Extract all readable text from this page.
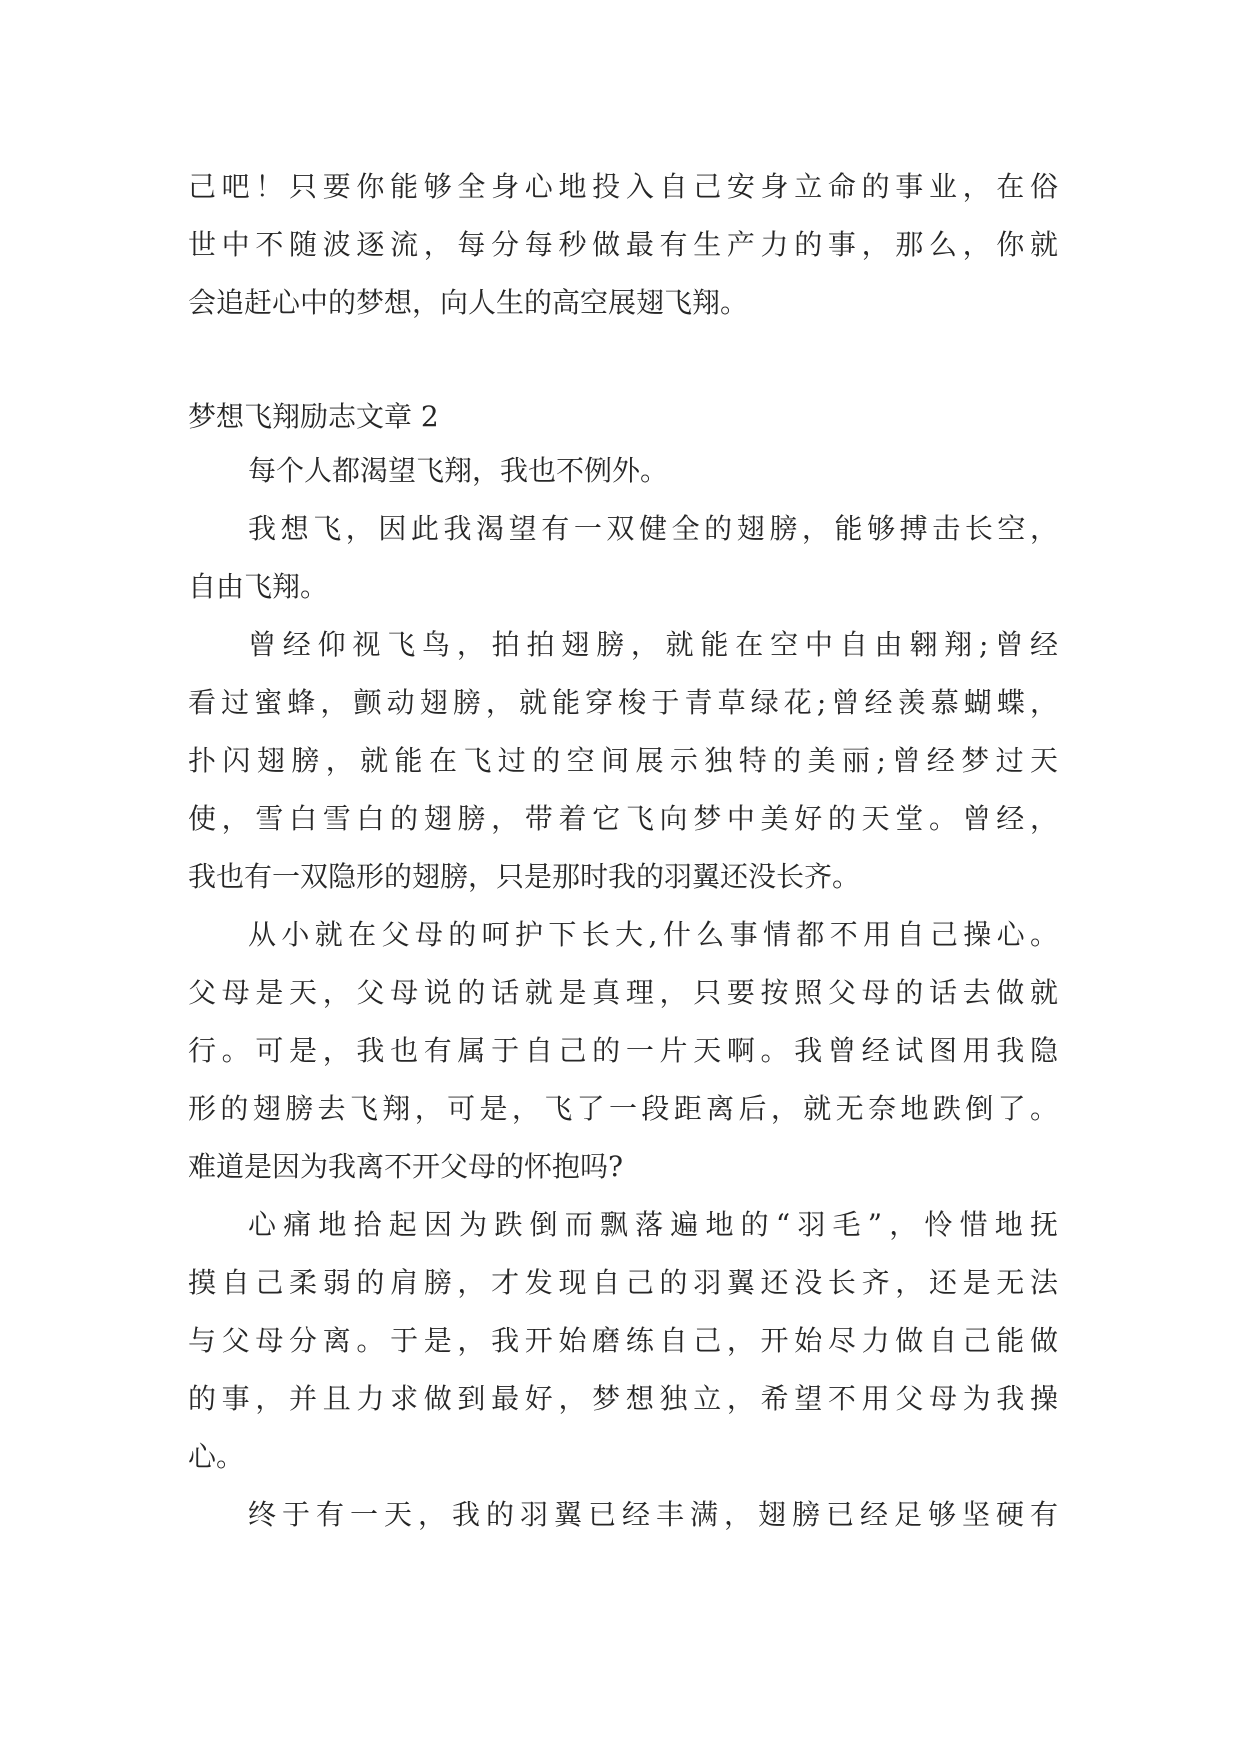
己吧！只要你能够全身心地投入自己安身立命的事业，在俗
世中不随波逐流，每分每秒做最有生产力的事，那么，你就
会追赶心中的梦想，向人生的高空展翅飞翔。
梦想飞翔励志文章 2
每个人都渴望飞翔，我也不例外。
我想飞，因此我渴望有一双健全的翅膀，能够搏击长空，
自由飞翔。
曾经仰视飞鸟，拍拍翅膀，就能在空中自由翱翔;曾经
看过蜜蜂，颤动翅膀，就能穿梭于青草绿花;曾经羡慕蝴蝶，
扑闪翅膀，就能在飞过的空间展示独特的美丽;曾经梦过天
使，雪白雪白的翅膀，带着它飞向梦中美好的天堂。曾经，
我也有一双隐形的翅膀，只是那时我的羽翼还没长齐。
从小就在父母的呵护下长大,什么事情都不用自己操心。
父母是天，父母说的话就是真理，只要按照父母的话去做就
行。可是，我也有属于自己的一片天啊。我曾经试图用我隐
形的翅膀去飞翔，可是，飞了一段距离后，就无奈地跌倒了。
难道是因为我离不开父母的怀抱吗?
心痛地拾起因为跌倒而飘落遍地的“羽毛”，怜惜地抚
摸自己柔弱的肩膀，才发现自己的羽翼还没长齐，还是无法
与父母分离。于是，我开始磨练自己，开始尽力做自己能做
的事，并且力求做到最好，梦想独立，希望不用父母为我操
心。
终于有一天，我的羽翼已经丰满，翅膀已经足够坚硬有
